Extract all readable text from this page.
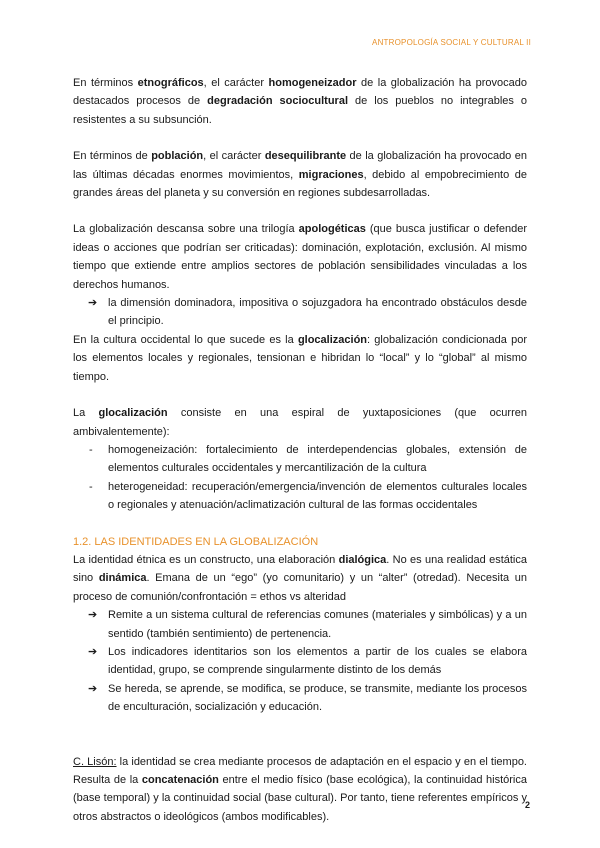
ANTROPOLOGÍA SOCIAL Y CULTURAL II

En términos etnográficos, el carácter homogeneizador de la globalización ha provocado destacados procesos de degradación sociocultural de los pueblos no integrables o resistentes a su subsunción.

En términos de población, el carácter desequilibrante de la globalización ha provocado en las últimas décadas enormes movimientos, migraciones, debido al empobrecimiento de grandes áreas del planeta y su conversión en regiones subdesarrolladas.

La globalización descansa sobre una trilogía apologéticas (que busca justificar o defender ideas o acciones que podrían ser criticadas): dominación, explotación, exclusión. Al mismo tiempo que extiende entre amplios sectores de población sensibilidades vinculadas a los derechos humanos.

➔ la dimensión dominadora, impositiva o sojuzgadora ha encontrado obstáculos desde el principio.

En la cultura occidental lo que sucede es la glocalización: globalización condicionada por los elementos locales y regionales, tensionan e hibridan lo “local” y lo “global” al mismo tiempo.

La glocalización consiste en una espiral de yuxtaposiciones (que ocurren ambivalentemente):

- homogeneización: fortalecimiento de interdependencias globales, extensión de elementos culturales occidentales y mercantilización de la cultura
- heterogeneidad: recuperación/emergencia/invención de elementos culturales locales o regionales y atenuación/aclimatización cultural de las formas occidentales

1.2. LAS IDENTIDADES EN LA GLOBALIZACIÓN

La identidad étnica es un constructo, una elaboración dialógica. No es una realidad estática sino dinámica. Emana de un “ego” (yo comunitario) y un “alter” (otredad). Necesita un proceso de comunión/confrontación = ethos vs alteridad

➔ Remite a un sistema cultural de referencias comunes (materiales y simbólicas) y a un sentido (también sentimiento) de pertenencia.
➔ Los indicadores identitarios son los elementos a partir de los cuales se elabora identidad, grupo, se comprende singularmente distinto de los demás
➔ Se hereda, se aprende, se modifica, se produce, se transmite, mediante los procesos de enculturación, socialización y educación.

C. Lisón: la identidad se crea mediante procesos de adaptación en el espacio y en el tiempo. Resulta de la concatenación entre el medio físico (base ecológica), la continuidad histórica (base temporal) y la continuidad social (base cultural). Por tanto, tiene referentes empíricos y otros abstractos o ideológicos (ambos modificables).

2
